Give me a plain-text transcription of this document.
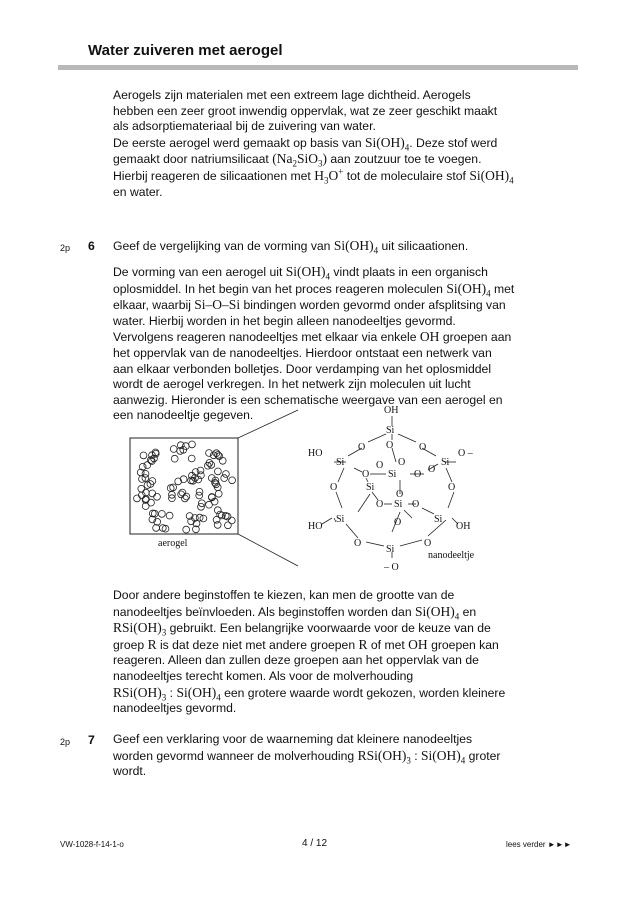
Water zuiveren met aerogel
Aerogels zijn materialen met een extreem lage dichtheid. Aerogels
hebben een zeer groot inwendig oppervlak, wat ze zeer geschikt maakt
als adsorptiemateriaal bij de zuivering van water.
De eerste aerogel werd gemaakt op basis van $Si(OH)_4$. Deze stof werd
gemaakt door natriumsilicaat $(Na_2SiO_3)$ aan zoutzuur toe te voegen.
Hierbij reageren de silicaationen met $H_3O^+$ tot de moleculaire stof $Si(OH)_4$
en water.
2p 6 Geef de vergelijking van de vorming van $Si(OH)_4$ uit silicaationen.
De vorming van een aerogel uit $Si(OH)_4$ vindt plaats in een organisch
oplosmiddel. In het begin van het proces reageren moleculen $Si(OH)_4$ met
elkaar, waarbij Si–O–Si bindingen worden gevormd onder afsplitsing van
water. Hierbij worden in het begin alleen nanodeeltjes gevormd.
Vervolgens reageren nanodeeltjes met elkaar via enkele OH groepen aan
het oppervlak van de nanodeeltjes. Hierdoor ontstaat een netwerk van
aan elkaar verbonden bolletjes. Door verdamping van het oplosmiddel
wordt de aerogel verkregen. In het netwerk zijn moleculen uit lucht
aanwezig. Hieronder is een schematische weergave van een aerogel en
een nanodeeltje gegeven.
aerogel
OH
Si
O	O
O
HO
Si	Si
O –
O Si O O
O O
Si
O	O
O Si O
O
Si	Si
HO	OH
O	O
O
Si
– O
nanodeeltje
Door andere beginstoffen te kiezen, kan men de grootte van de
nanodeeltjes beïnvloeden. Als beginstoffen worden dan $Si(OH)_4$ en
$RSi(OH)_3$ gebruikt. Een belangrijke voorwaarde voor de keuze van de
groep R is dat deze niet met andere groepen R of met OH groepen kan
reageren. Alleen dan zullen deze groepen aan het oppervlak van de
nanodeeltjes terecht komen. Als voor de molverhouding
$RSi(OH)_3$ : $Si(OH)_4$ een grotere waarde wordt gekozen, worden kleinere
nanodeeltjes gevormd.
2p 7 Geef een verklaring voor de waarneming dat kleinere nanodeeltjes
worden gevormd wanneer de molverhouding $RSi(OH)_3$ : $Si(OH)_4$ groter
wordt.
VW-1028-f-14-1-o	4 / 12	lees verder ►►►
